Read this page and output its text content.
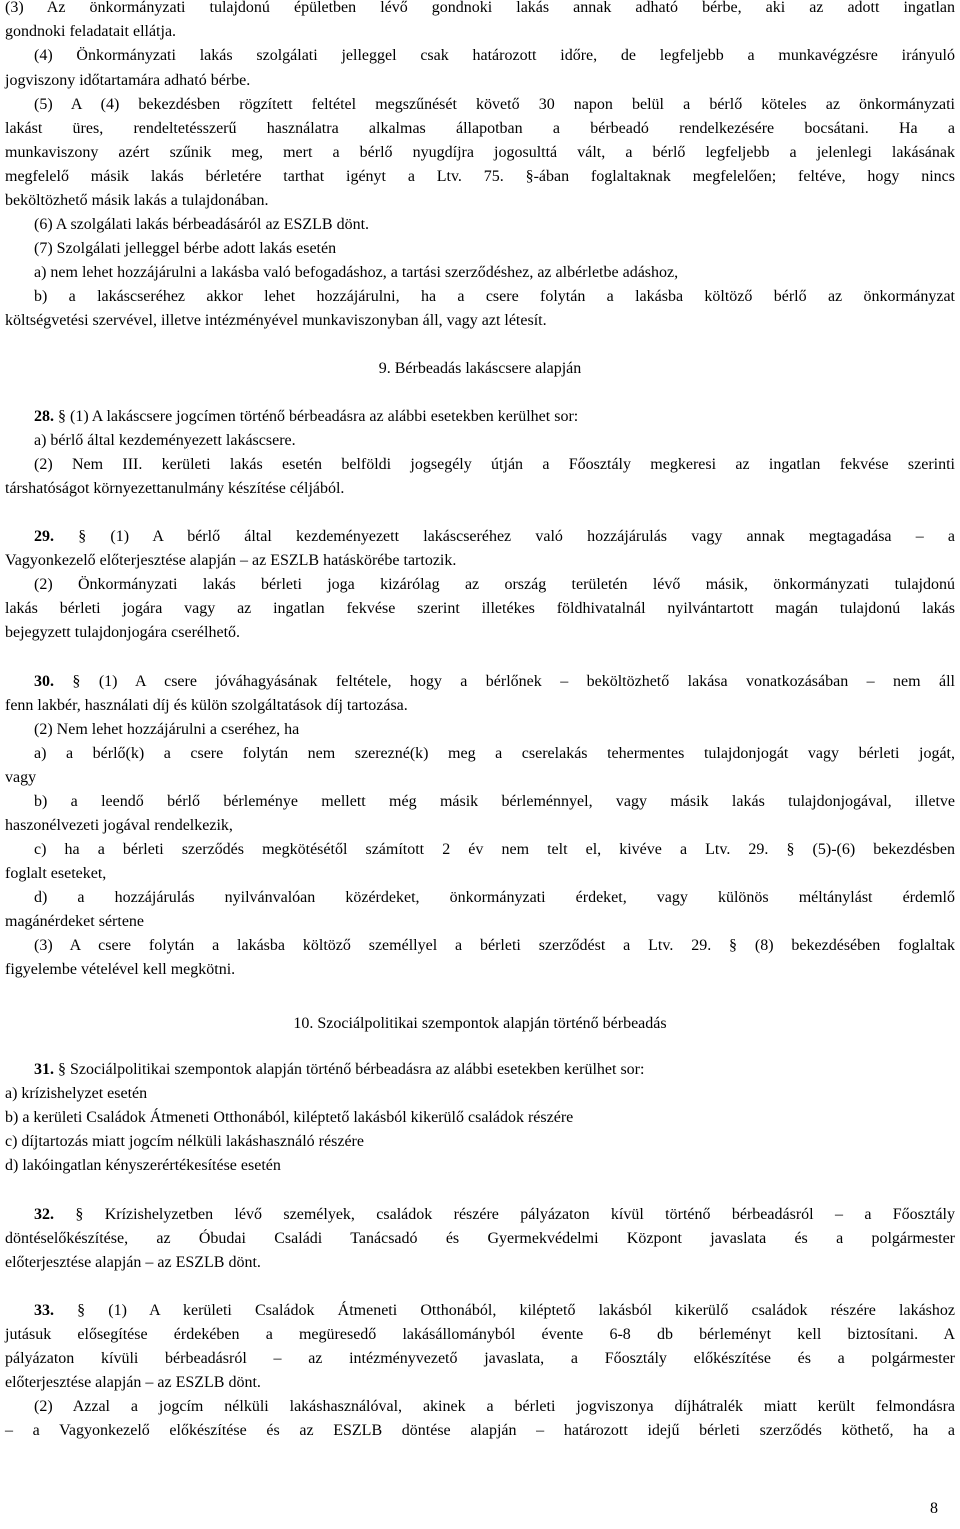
(3) Az önkormányzati tulajdonú épületben lévő gondnoki lakás annak adható bérbe, aki az adott ingatlan
gondnoki feladatait ellátja.
(4) Önkormányzati lakás szolgálati jelleggel csak határozott időre, de legfeljebb a munkavégzésre irányuló
jogviszony időtartamára adható bérbe.
(5) A (4) bekezdésben rögzített feltétel megszűnését követő 30 napon belül a bérlő köteles az önkormányzati
lakást üres, rendeltetésszerű használatra alkalmas állapotban a bérbeadó rendelkezésére bocsátani. Ha a
munkaviszony azért szűnik meg, mert a bérlő nyugdíjra jogosulttá vált, a bérlő legfeljebb a jelenlegi lakásának
megfelelő másik lakás bérletére tarthat igényt a Ltv. 75. §-ában foglaltaknak megfelelően; feltéve, hogy nincs
beköltözhető másik lakás a tulajdonában.
(6) A szolgálati lakás bérbeadásáról az ESZLB dönt.
(7) Szolgálati jelleggel bérbe adott lakás esetén
a) nem lehet hozzájárulni a lakásba való befogadáshoz, a tartási szerződéshez, az albérletbe adáshoz,
b) a lakáscseréhez akkor lehet hozzájárulni, ha a csere folytán a lakásba költöző bérlő az önkormányzat
költségvetési szervével, illetve intézményével munkaviszonyban áll, vagy azt létesít.
9. Bérbeadás lakáscsere alapján
28. § (1) A lakáscsere jogcímen történő bérbeadásra az alábbi esetekben kerülhet sor:
a) bérlő által kezdeményezett lakáscsere.
(2) Nem III. kerületi lakás esetén belföldi jogsegély útján a Főosztály megkeresi az ingatlan fekvése szerinti
társhatóságot környezettanulmány készítése céljából.
29. § (1) A bérlő által kezdeményezett lakáscseréhez való hozzájárulás vagy annak megtagadása – a
Vagyonkezelő előterjesztése alapján – az ESZLB hatáskörébe tartozik.
(2) Önkormányzati lakás bérleti joga kizárólag az ország területén lévő másik, önkormányzati tulajdonú
lakás bérleti jogára vagy az ingatlan fekvése szerint illetékes földhivatalnál nyilvántartott magán tulajdonú lakás
bejegyzett tulajdonjogára cserélhető.
30. § (1) A csere jóváhagyásának feltétele, hogy a bérlőnek – beköltözhető lakása vonatkozásában – nem áll
fenn lakbér, használati díj és külön szolgáltatások díj tartozása.
(2) Nem lehet hozzájárulni a cseréhez, ha
a) a bérlő(k) a csere folytán nem szerezné(k) meg a cserelakás tehermentes tulajdonjogát vagy bérleti jogát,
vagy
b) a leendő bérlő bérleménye mellett még másik bérleménnyel, vagy másik lakás tulajdonjogával, illetve
haszonélvezeti jogával rendelkezik,
c) ha a bérleti szerződés megkötésétől számított 2 év nem telt el, kivéve a Ltv. 29. § (5)-(6) bekezdésben
foglalt eseteket,
d) a hozzájárulás nyilvánvalóan közérdeket, önkormányzati érdeket, vagy különös méltánylást érdemlő
magánérdeket sértene
(3) A csere folytán a lakásba költöző személlyel a bérleti szerződést a Ltv. 29. § (8) bekezdésében foglaltak
figyelembe vételével kell megkötni.
10. Szociálpolitikai szempontok alapján történő bérbeadás
31. § Szociálpolitikai szempontok alapján történő bérbeadásra az alábbi esetekben kerülhet sor:
a) krízishelyzet esetén
b) a kerületi Családok Átmeneti Otthonából, kiléptető lakásból kikerülő családok részére
c) díjtartozás miatt jogcím nélküli lakáshasználó részére
d) lakóingatlan kényszerértékesítése esetén
32. § Krízishelyzetben lévő személyek, családok részére pályázaton kívül történő bérbeadásról – a Főosztály
döntéselőkészítése, az Óbudai Családi Tanácsadó és Gyermekvédelmi Központ javaslata és a polgármester
előterjesztése alapján – az ESZLB dönt.
33. § (1) A kerületi Családok Átmeneti Otthonából, kiléptető lakásból kikerülő családok részére lakáshoz
jutásuk elősegítése érdekében a megüresedő lakásállományból évente 6-8 db bérleményt kell biztosítani. A
pályázaton kívüli bérbeadásról – az intézményvezető javaslata, a Főosztály előkészítése és a polgármester
előterjesztése alapján – az ESZLB dönt.
(2) Azzal a jogcím nélküli lakáshasználóval, akinek a bérleti jogviszonya díjhátralék miatt került felmondásra
– a Vagyonkezelő előkészítése és az ESZLB döntése alapján – határozott idejű bérleti szerződés köthető, ha a
8
